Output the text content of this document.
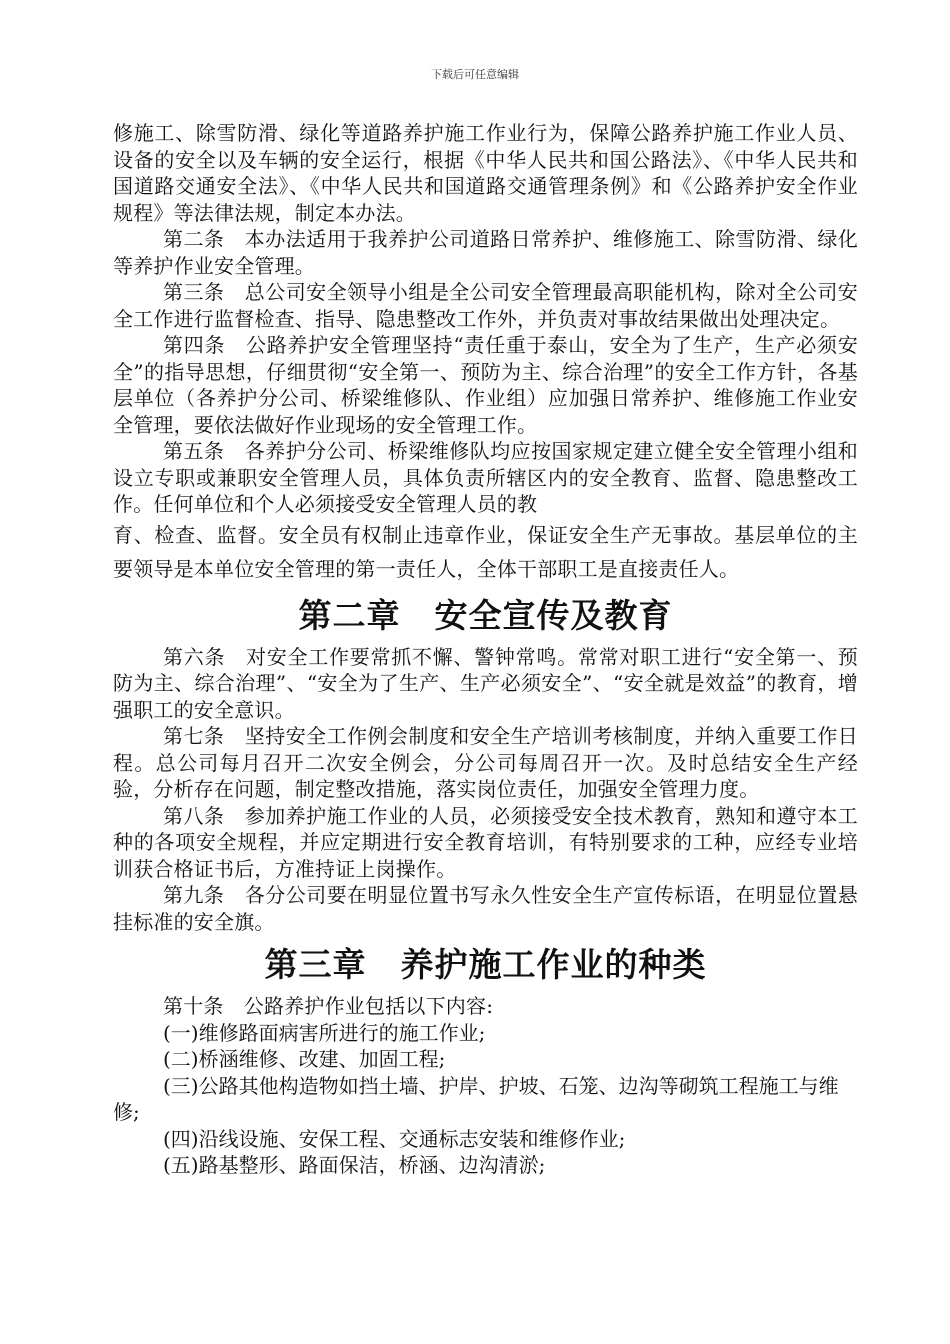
下载后可任意编辑

修施工、除雪防滑、绿化等道路养护施工作业行为，保障公路养护施工作业人员、设备的安全以及车辆的安全运行，根据《中华人民共和国公路法》、《中华人民共和国道路交通安全法》、《中华人民共和国道路交通管理条例》和《公路养护安全作业规程》等法律法规，制定本办法。

第二条　本办法适用于我养护公司道路日常养护、维修施工、除雪防滑、绿化等养护作业安全管理。

第三条　总公司安全领导小组是全公司安全管理最高职能机构，除对全公司安全工作进行监督检查、指导、隐患整改工作外，并负责对事故结果做出处理决定。

第四条　公路养护安全管理坚持“责任重于泰山，安全为了生产，生产必须安全”的指导思想，仔细贯彻“安全第一、预防为主、综合治理”的安全工作方针，各基层单位（各养护分公司、桥梁维修队、作业组）应加强日常养护、维修施工作业安全管理，要依法做好作业现场的安全管理工作。

第五条　各养护分公司、桥梁维修队均应按国家规定建立健全安全管理小组和设立专职或兼职安全管理人员，具体负责所辖区内的安全教育、监督、隐患整改工作。任何单位和个人必须接受安全管理人员的教

育、检查、监督。安全员有权制止违章作业，保证安全生产无事故。基层单位的主要领导是本单位安全管理的第一责任人，全体干部职工是直接责任人。

第二章　安全宣传及教育

第六条　对安全工作要常抓不懈、警钟常鸣。常常对职工进行“安全第一、预防为主、综合治理”、“安全为了生产、生产必须安全”、“安全就是效益”的教育，增强职工的安全意识。

第七条　坚持安全工作例会制度和安全生产培训考核制度，并纳入重要工作日程。总公司每月召开二次安全例会，分公司每周召开一次。及时总结安全生产经验，分析存在问题，制定整改措施，落实岗位责任，加强安全管理力度。

第八条　参加养护施工作业的人员，必须接受安全技术教育，熟知和遵守本工种的各项安全规程，并应定期进行安全教育培训，有特别要求的工种，应经专业培训获合格证书后，方准持证上岗操作。

第九条　各分公司要在明显位置书写永久性安全生产宣传标语，在明显位置悬挂标准的安全旗。

第三章　养护施工作业的种类

第十条　公路养护作业包括以下内容:

(一)维修路面病害所进行的施工作业;

(二)桥涵维修、改建、加固工程;

(三)公路其他构造物如挡土墙、护岸、护坡、石笼、边沟等砌筑工程施工与维修;

(四)沿线设施、安保工程、交通标志安装和维修作业;

(五)路基整形、路面保洁，桥涵、边沟清淤;
